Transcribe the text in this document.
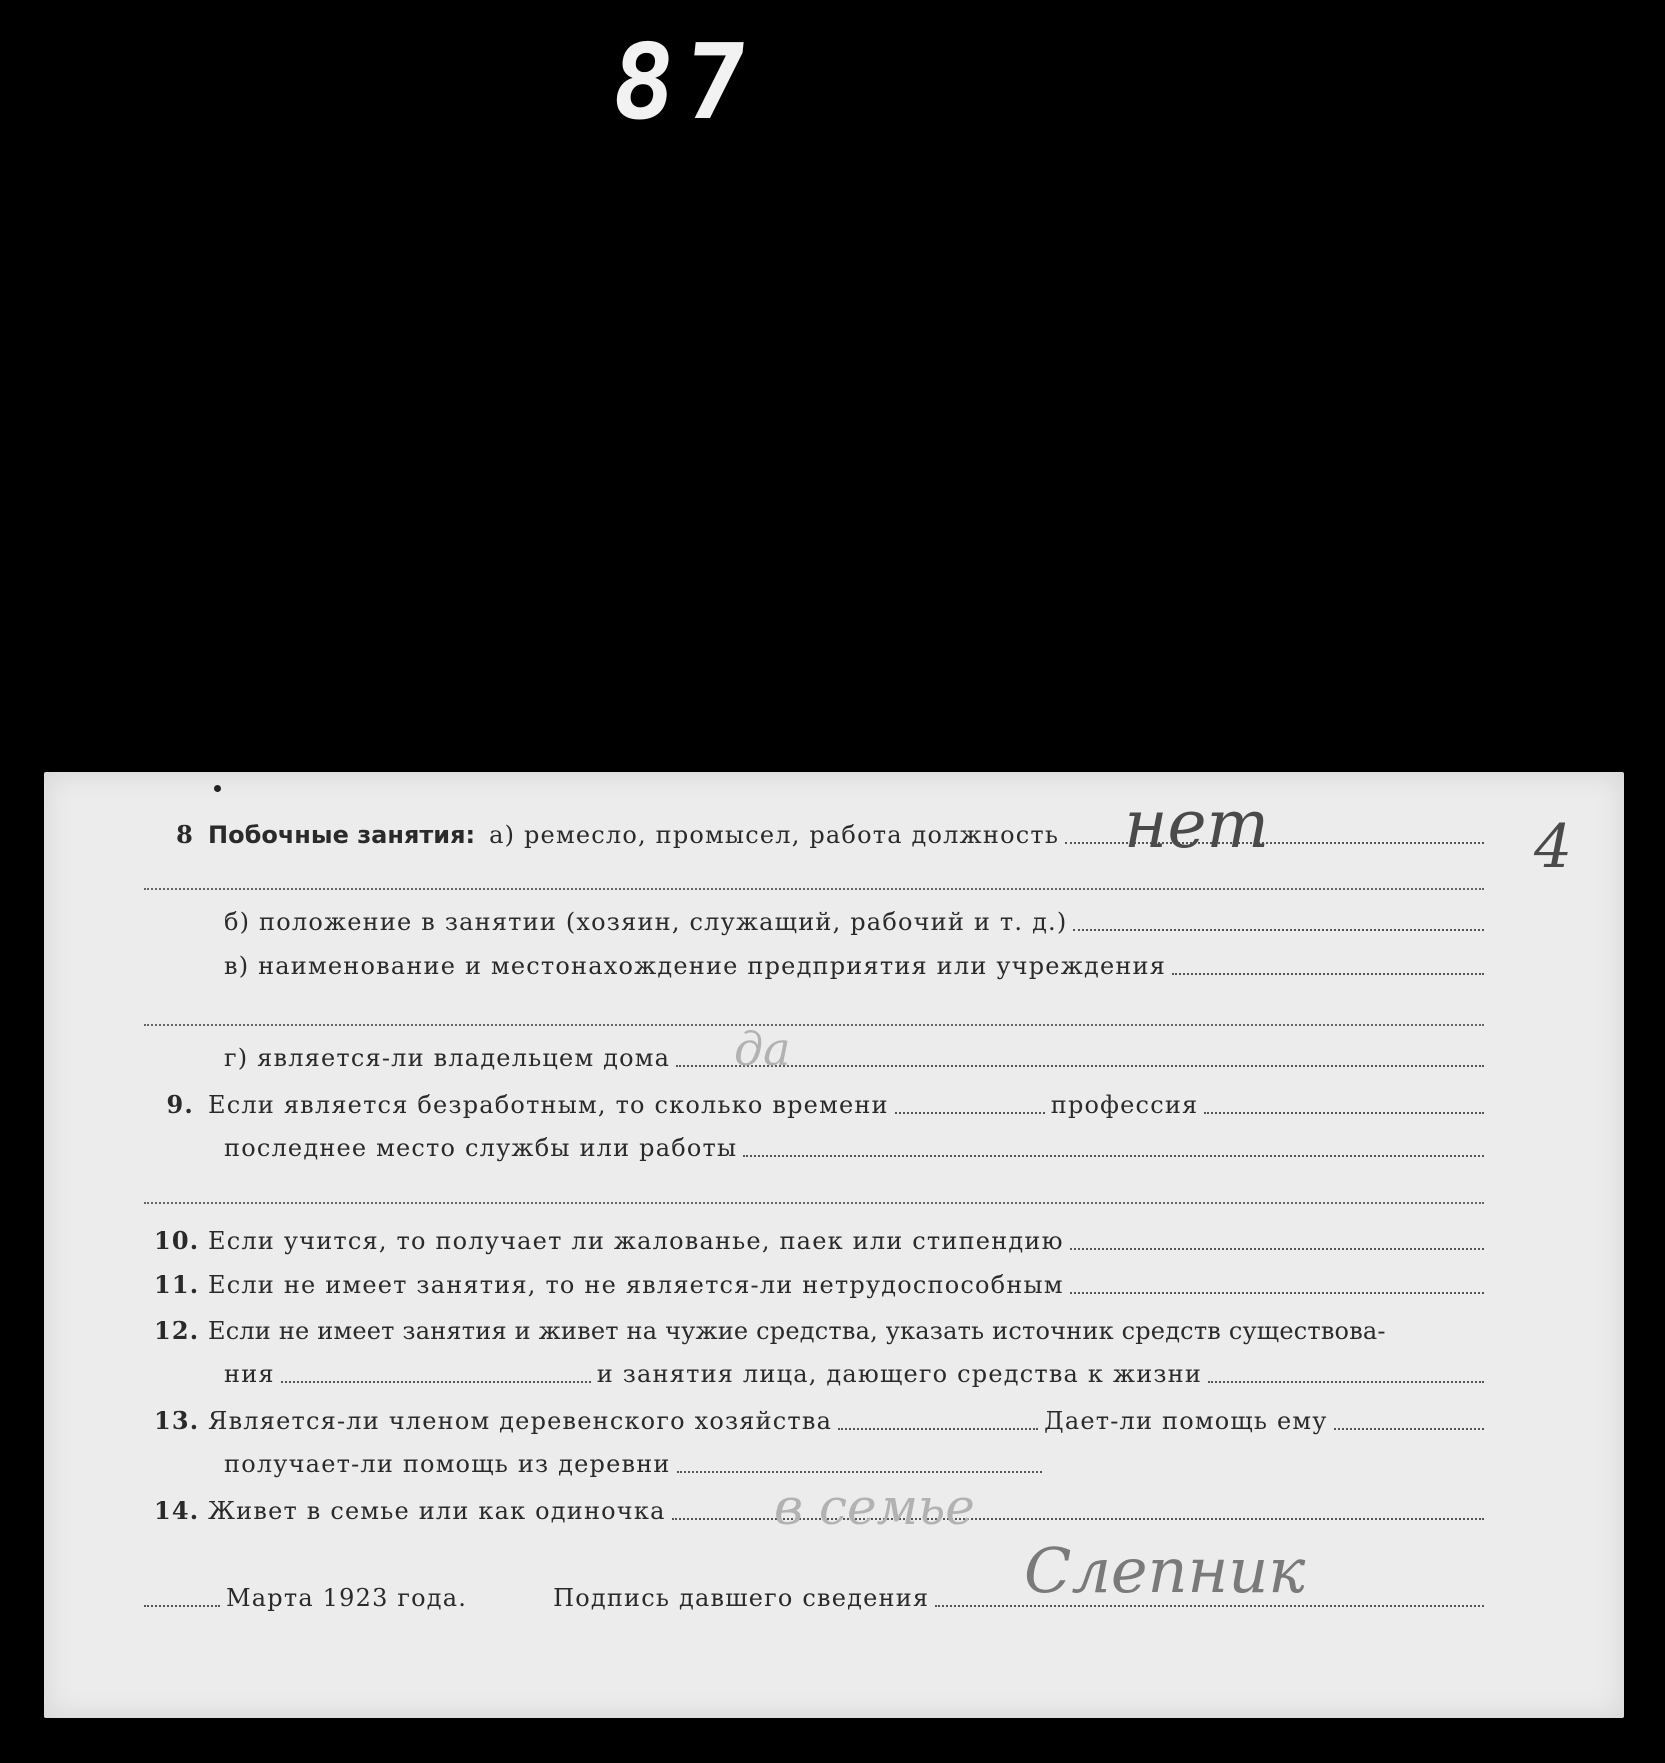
87
8 Побочные занятия: а) ремесло, промысел, работа должность нет	4
б) положение в занятии (хозяин, служащий, рабочий и т. д.)
в) наименование и местонахождение предприятия или учреждения
г) является-ли владельцем дома да
9. Если является безработным, то сколько времени	профессия
последнее место службы или работы
10. Если учится, то получает ли жалованье, паек или стипендию
11. Если не имеет занятия, то не является-ли нетрудоспособным
12. Если не имеет занятия и живет на чужие средства, указать источник средств существова-
ния	и занятия лица, дающего средства к жизни
13. Является-ли членом деревенского хозяйства	Дает-ли помощь ему
получает-ли помощь из деревни
14. Живет в семье или как одиночка в семье
Марта 1923 года.	Подпись давшего сведения Слепник
